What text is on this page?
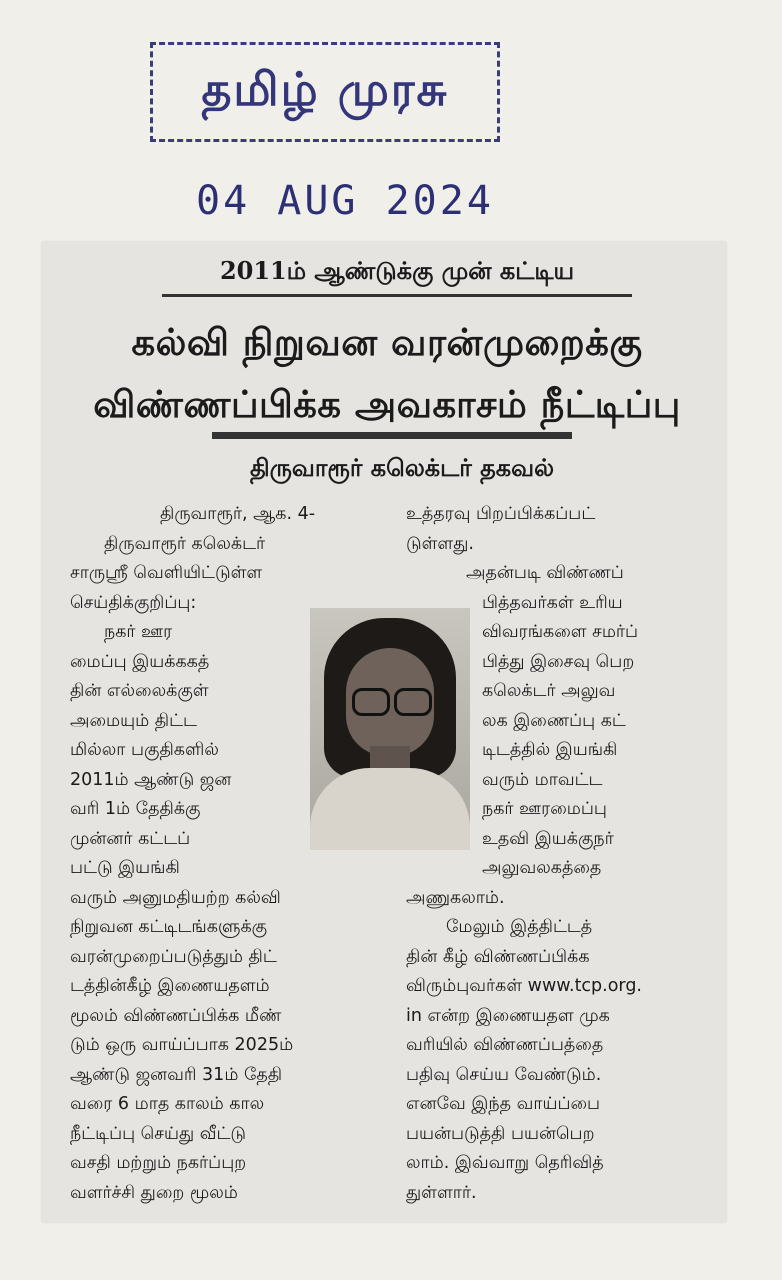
தமிழ் முரசு
04 AUG 2024
2011ம் ஆண்டுக்கு முன் கட்டிய
கல்வி நிறுவன வரன்முறைக்கு
விண்ணப்பிக்க அவகாசம் நீட்டிப்பு
திருவாரூர் கலெக்டர் தகவல்
திருவாரூர், ஆக. 4-
திருவாரூர் கலெக்டர்
சாருஸ்ரீ வெளியிட்டுள்ள
செய்திக்குறிப்பு:
நகர் ஊர
மைப்பு இயக்ககத்
தின் எல்லைக்குள்
அமையும் திட்ட
மில்லா பகுதிகளில்
2011ம் ஆண்டு ஜன
வரி 1ம் தேதிக்கு
முன்னர் கட்டப்
பட்டு இயங்கி
வரும் அனுமதியற்ற கல்வி
நிறுவன கட்டிடங்களுக்கு
வரன்முறைப்படுத்தும் திட்
டத்தின்கீழ் இணையதளம்
மூலம் விண்ணப்பிக்க மீண்
டும் ஒரு வாய்ப்பாக 2025ம்
ஆண்டு ஜனவரி 31ம் தேதி
வரை 6 மாத காலம் கால
நீட்டிப்பு செய்து வீட்டு
வசதி மற்றும் நகர்ப்புற
வளர்ச்சி துறை மூலம்
உத்தரவு பிறப்பிக்கப்பட்
டுள்ளது.
அதன்படி விண்ணப்
பித்தவர்கள் உரிய
விவரங்களை சமர்ப்
பித்து இசைவு பெற
கலெக்டர் அலுவ
லக இணைப்பு கட்
டிடத்தில் இயங்கி
வரும் மாவட்ட
நகர் ஊரமைப்பு
உதவி இயக்குநர்
அலுவலகத்தை
அணுகலாம்.
மேலும் இத்திட்டத்
தின் கீழ் விண்ணப்பிக்க
விரும்புவர்கள் www.tcp.org.
in என்ற இணையதள முக
வரியில் விண்ணப்பத்தை
பதிவு செய்ய வேண்டும்.
எனவே இந்த வாய்ப்பை
பயன்படுத்தி பயன்பெற
லாம். இவ்வாறு தெரிவித்
துள்ளார்.
